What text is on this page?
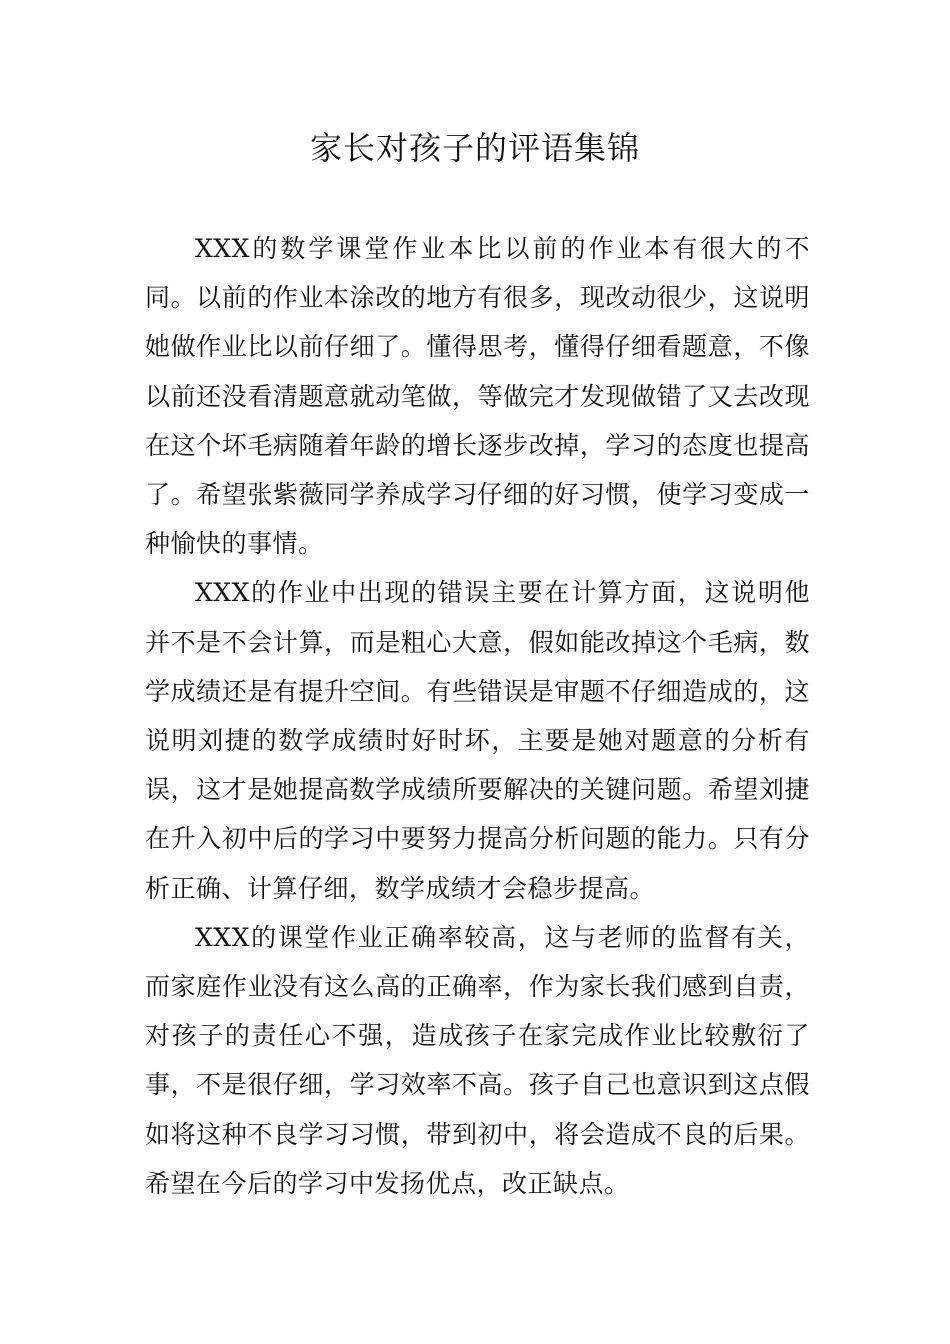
家长对孩子的评语集锦

XXX的数学课堂作业本比以前的作业本有很大的不同。以前的作业本涂改的地方有很多，现改动很少，这说明她做作业比以前仔细了。懂得思考，懂得仔细看题意，不像以前还没看清题意就动笔做，等做完才发现做错了又去改现在这个坏毛病随着年龄的增长逐步改掉，学习的态度也提高了。希望张紫薇同学养成学习仔细的好习惯，使学习变成一种愉快的事情。

XXX的作业中出现的错误主要在计算方面，这说明他并不是不会计算，而是粗心大意，假如能改掉这个毛病，数学成绩还是有提升空间。有些错误是审题不仔细造成的，这说明刘捷的数学成绩时好时坏，主要是她对题意的分析有误，这才是她提高数学成绩所要解决的关键问题。希望刘捷在升入初中后的学习中要努力提高分析问题的能力。只有分析正确、计算仔细，数学成绩才会稳步提高。

XXX的课堂作业正确率较高，这与老师的监督有关，而家庭作业没有这么高的正确率，作为家长我们感到自责，对孩子的责任心不强，造成孩子在家完成作业比较敷衍了事，不是很仔细，学习效率不高。孩子自己也意识到这点假如将这种不良学习习惯，带到初中，将会造成不良的后果。希望在今后的学习中发扬优点，改正缺点。
